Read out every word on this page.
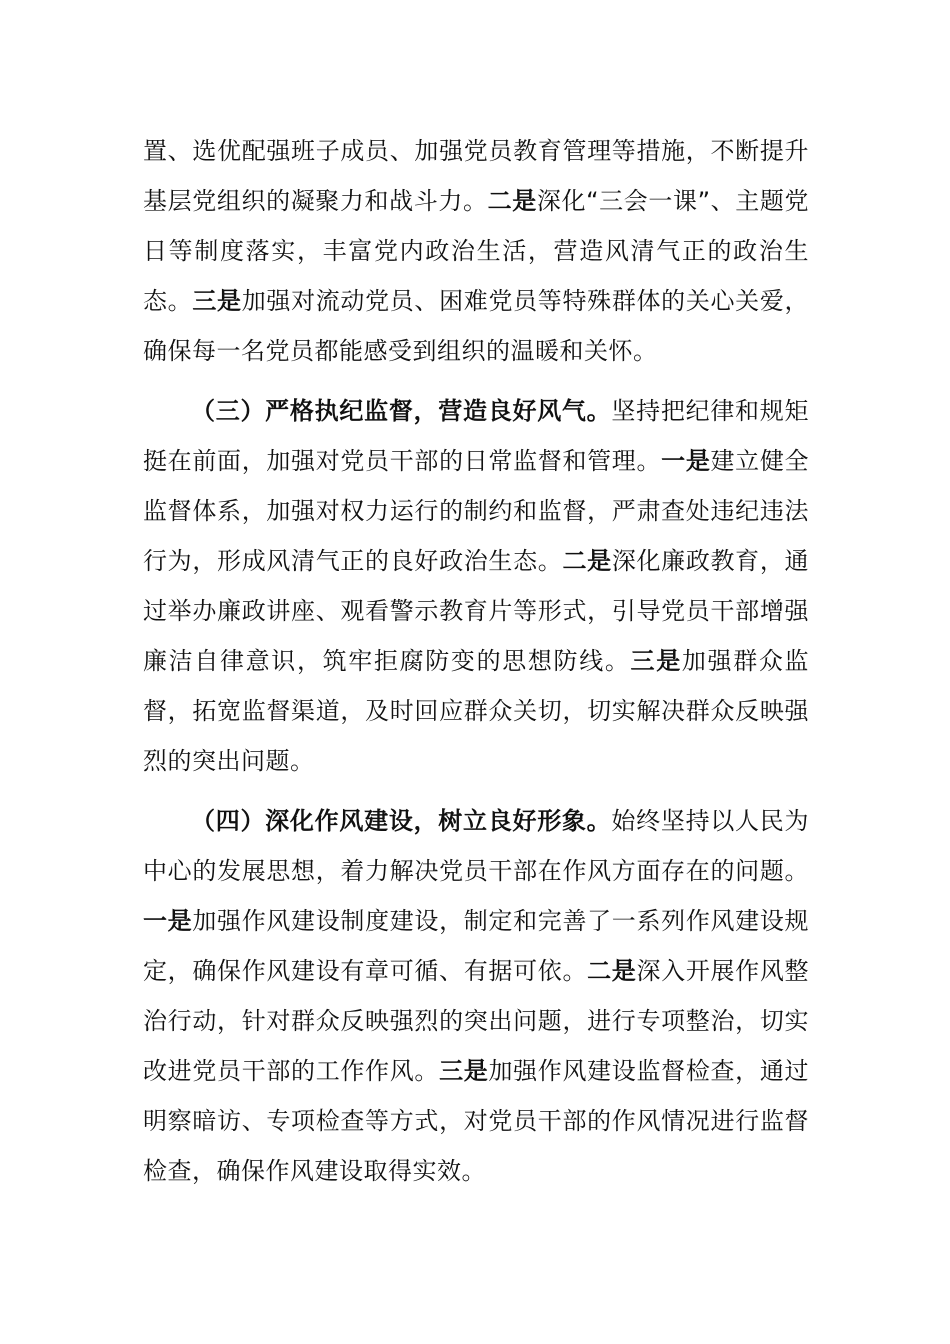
置、选优配强班子成员、加强党员教育管理等措施，不断提升基层党组织的凝聚力和战斗力。二是深化“三会一课”、主题党日等制度落实，丰富党内政治生活，营造风清气正的政治生态。三是加强对流动党员、困难党员等特殊群体的关心关爱，确保每一名党员都能感受到组织的温暖和关怀。

（三）严格执纪监督，营造良好风气。坚持把纪律和规矩挺在前面，加强对党员干部的日常监督和管理。一是建立健全监督体系，加强对权力运行的制约和监督，严肃查处违纪违法行为，形成风清气正的良好政治生态。二是深化廉政教育，通过举办廉政讲座、观看警示教育片等形式，引导党员干部增强廉洁自律意识，筑牢拒腐防变的思想防线。三是加强群众监督，拓宽监督渠道，及时回应群众关切，切实解决群众反映强烈的突出问题。

（四）深化作风建设，树立良好形象。始终坚持以人民为中心的发展思想，着力解决党员干部在作风方面存在的问题。一是加强作风建设制度建设，制定和完善了一系列作风建设规定，确保作风建设有章可循、有据可依。二是深入开展作风整治行动，针对群众反映强烈的突出问题，进行专项整治，切实改进党员干部的工作作风。三是加强作风建设监督检查，通过明察暗访、专项检查等方式，对党员干部的作风情况进行监督检查，确保作风建设取得实效。
